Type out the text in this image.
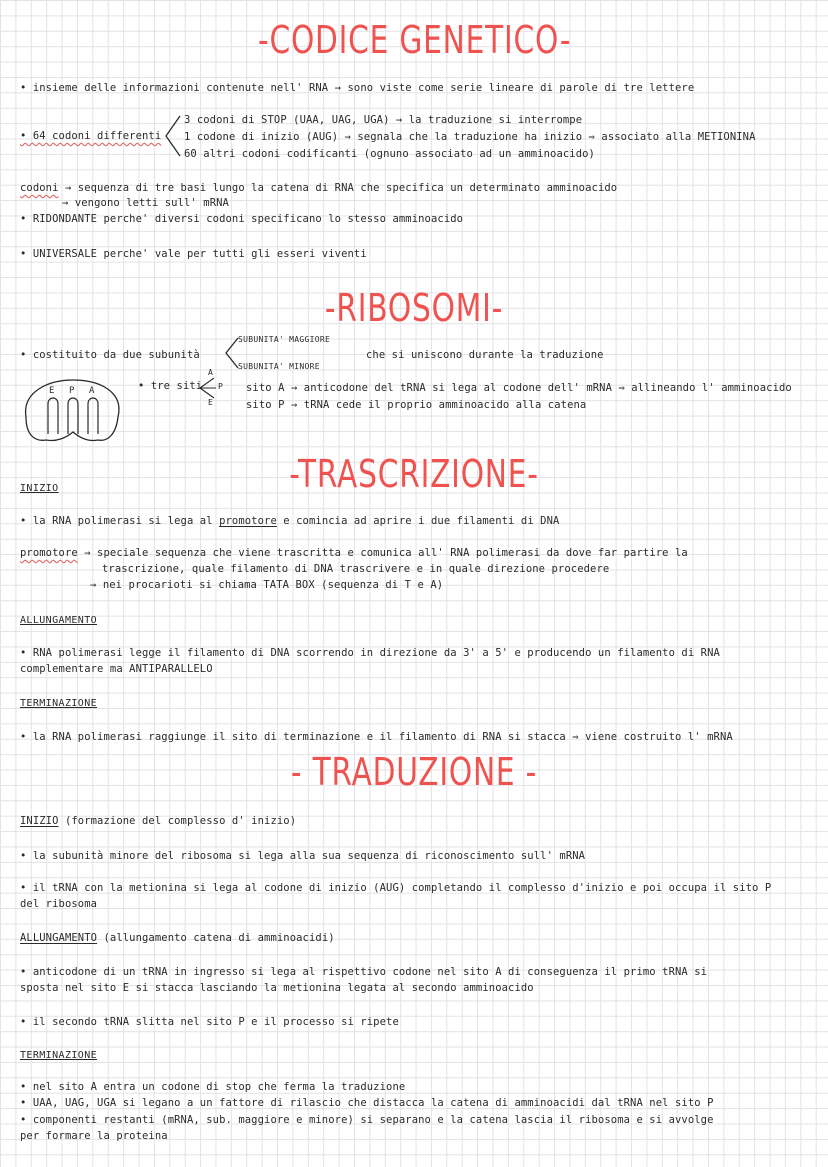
-CODICE GENETICO-
• insieme delle informazioni contenute nell' RNA → sono viste come serie lineare di parole di tre lettere
• 64 codoni differenti
3 codoni di STOP (UAA, UAG, UGA) → la traduzione si interrompe
1 codone di inizio (AUG) → segnala che la traduzione ha inizio ⇒ associato alla METIONINA
60 altri codoni codificanti (ognuno associato ad un amminoacido)
codoni → sequenza di tre basi lungo la catena di RNA che specifica un determinato amminoacido
→ vengono letti sull' mRNA
• RIDONDANTE perche' diversi codoni specificano lo stesso amminoacido
• UNIVERSALE perche' vale per tutti gli esseri viventi
-RIBOSOMI-
• costituito da due subunità
SUBUNITA' MAGGIORE
SUBUNITA' MINORE
che si uniscono durante la traduzione
E P A	• tre siti
A
P
E
sito A → anticodone del tRNA si lega al codone dell' mRNA ⇒ allineando l' amminoacido
sito P → tRNA cede il proprio amminoacido alla catena
-TRASCRIZIONE-
INIZIO
• la RNA polimerasi si lega al promotore e comincia ad aprire i due filamenti di DNA
promotore → speciale sequenza che viene trascritta e comunica all' RNA polimerasi da dove far partire la
trascrizione, quale filamento di DNA trascrivere e in quale direzione procedere
→ nei procarioti si chiama TATA BOX (sequenza di T e A)
ALLUNGAMENTO
• RNA polimerasi legge il filamento di DNA scorrendo in direzione da 3' a 5' e producendo un filamento di RNA
complementare ma ANTIPARALLELO
TERMINAZIONE
• la RNA polimerasi raggiunge il sito di terminazione e il filamento di RNA si stacca ⇒ viene costruito l' mRNA
- TRADUZIONE -
INIZIO (formazione del complesso d' inizio)
• la subunità minore del ribosoma si lega alla sua sequenza di riconoscimento sull' mRNA
• il tRNA con la metionina si lega al codone di inizio (AUG) completando il complesso d'inizio e poi occupa il sito P
del ribosoma
ALLUNGAMENTO (allungamento catena di amminoacidi)
• anticodone di un tRNA in ingresso si lega al rispettivo codone nel sito A di conseguenza il primo tRNA si
sposta nel sito E si stacca lasciando la metionina legata al secondo amminoacido
• il secondo tRNA slitta nel sito P e il processo si ripete
TERMINAZIONE
• nel sito A entra un codone di stop che ferma la traduzione
• UAA, UAG, UGA si legano a un fattore di rilascio che distacca la catena di amminoacidi dal tRNA nel sito P
• componenti restanti (mRNA, sub. maggiore e minore) si separano e la catena lascia il ribosoma e si avvolge
per formare la proteina
